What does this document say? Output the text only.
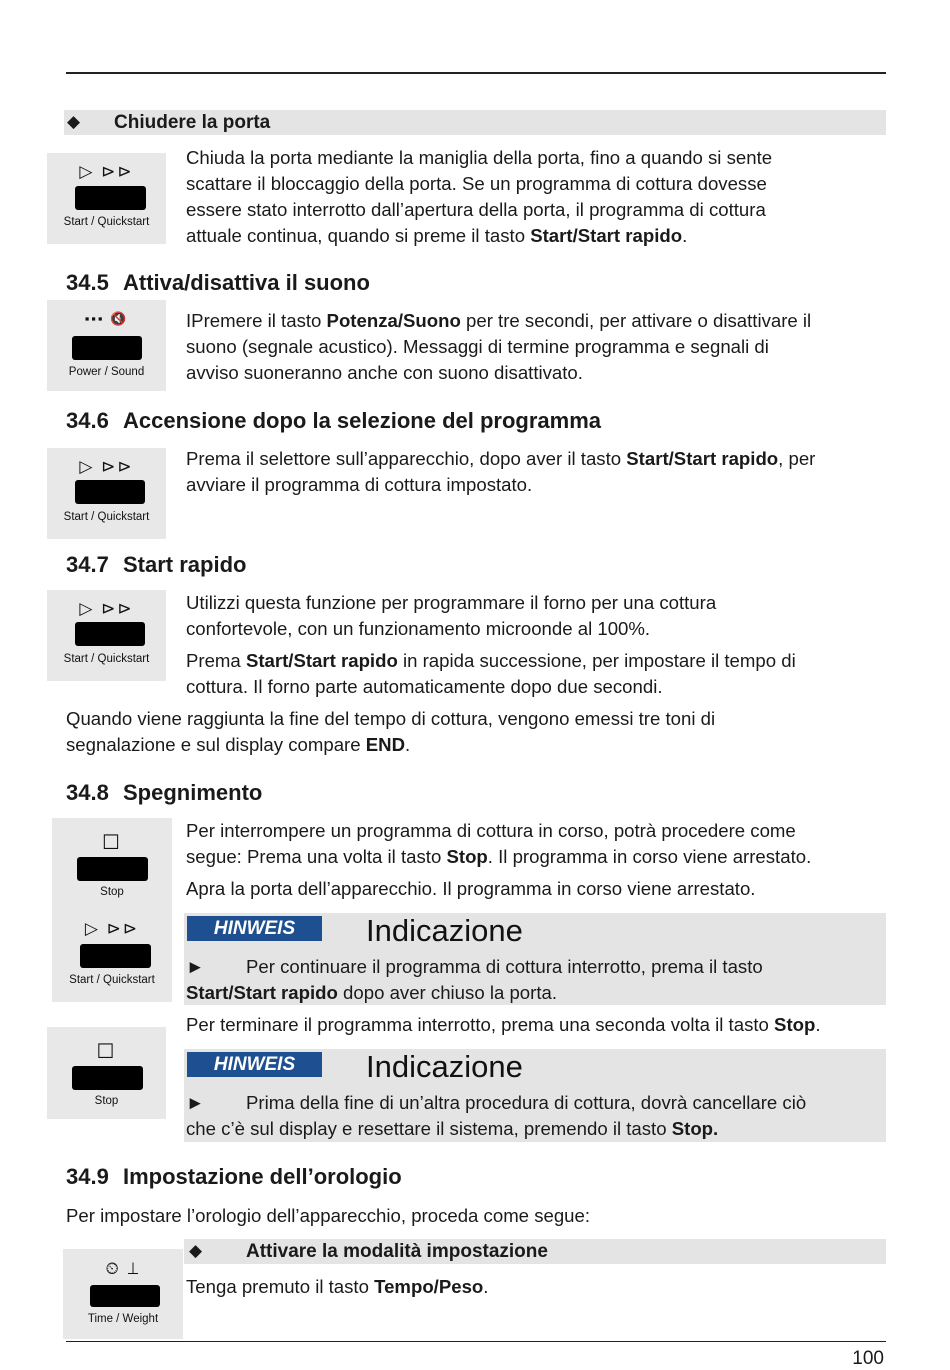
◆ Chiudere la porta
▷ ⊳⊳
Start / Quickstart
Chiuda la porta mediante la maniglia della porta, fino a quando si sente
scattare il bloccaggio della porta. Se un programma di cottura dovesse
essere stato interrotto dall’apertura della porta, il programma di cottura
attuale continua, quando si preme il tasto Start/Start rapido.
34.5 Attiva/disattiva il suono
▪▪▪ 🔇
Power / Sound
IPremere il tasto Potenza/Suono per tre secondi, per attivare o disattivare il
suono (segnale acustico). Messaggi di termine programma e segnali di
avviso suoneranno anche con suono disattivato.
34.6 Accensione dopo la selezione del programma
▷ ⊳⊳
Start / Quickstart
Prema il selettore sull’apparecchio, dopo aver il tasto Start/Start rapido, per
avviare il programma di cottura impostato.
34.7 Start rapido
▷ ⊳⊳
Start / Quickstart
Utilizzi questa funzione per programmare il forno per una cottura
confortevole, con un funzionamento microonde al 100%.
Prema Start/Start rapido in rapida successione, per impostare il tempo di
cottura. Il forno parte automaticamente dopo due secondi.
Quando viene raggiunta la fine del tempo di cottura, vengono emessi tre toni di
segnalazione e sul display compare END.
34.8 Spegnimento
☐
Stop
▷ ⊳⊳
Start / Quickstart
☐
Stop
Per interrompere un programma di cottura in corso, potrà procedere come
segue: Prema una volta il tasto Stop. Il programma in corso viene arrestato.
Apra la porta dell’apparecchio. Il programma in corso viene arrestato.
HINWEIS	Indicazione
► Per continuare il programma di cottura interrotto, prema il tasto
Start/Start rapido dopo aver chiuso la porta.
Per terminare il programma interrotto, prema una seconda volta il tasto Stop.
HINWEIS	Indicazione
► Prima della fine di un’altra procedura di cottura, dovrà cancellare ciò
che c’è sul display e resettare il sistema, premendo il tasto Stop.
34.9 Impostazione dell’orologio
Per impostare l’orologio dell’apparecchio, proceda come segue:
⏲ ⊥
Time / Weight
◆ Attivare la modalità impostazione
Tenga premuto il tasto Tempo/Peso.
100
